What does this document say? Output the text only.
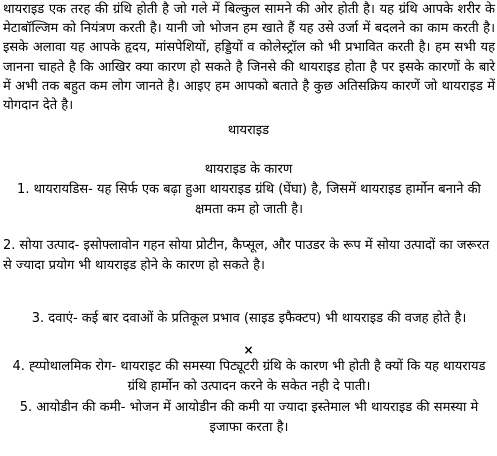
थायराइड एक तरह की ग्रंथि होती है जो गले में बिल्कुल सामने की ओर होती है। यह ग्रंथि आपके शरीर के मेटाबॉल्जिम को नियंत्रण करती है। यानी जो भोजन हम खाते हैं यह उसे उर्जा में बदलने का काम करती है। इसके अलावा यह आपके हृदय, मांसपेशियों, हड्डियों व कोलेस्ट्रॉल को भी प्रभावित करती है। हम सभी यह जानना चाहते है कि आखिर क्या कारण हो सकते है जिनसे की थायराइड होता है पर इसके कारणों के बारे में अभी तक बहुत कम लोग जानते है। आइए हम आपको बताते है कुछ अतिसक्रिय कारणें जो थायराइड में योगदान देते है।

थायराइड

थायराइड के कारण

1. थायरायडिस- यह सिर्फ एक बढ़ा हुआ थायराइड ग्रंथि (घेंघा) है, जिसमें थायराइड हार्मोन बनाने की क्षमता कम हो जाती है।

2. सोया उत्पाद- इसोफ्लावोन गहन सोया प्रोटीन, कैप्सूल, और पाउडर के रूप में सोया उत्पादों का जरूरत से ज्यादा प्रयोग भी थायराइड होने के कारण हो सकते है।

3. दवाएं- कई बार दवाओं के प्रतिकूल प्रभाव (साइड इफैक्टप) भी थायराइड की वजह होते है।

×

4. ह्य्पोथालमिक रोग- थायराइट की समस्या पिट्यूटरी ग्रंथि के कारण भी होती है क्यों कि यह थायरायड ग्रंथि हार्मोन को उत्पादन करने के सकेत नही दे पाती।

5. आयोडीन की कमी- भोजन में आयोडीन की कमी या ज्यादा इस्तेमाल भी थायराइड की समस्या मे इजाफा करता है।
